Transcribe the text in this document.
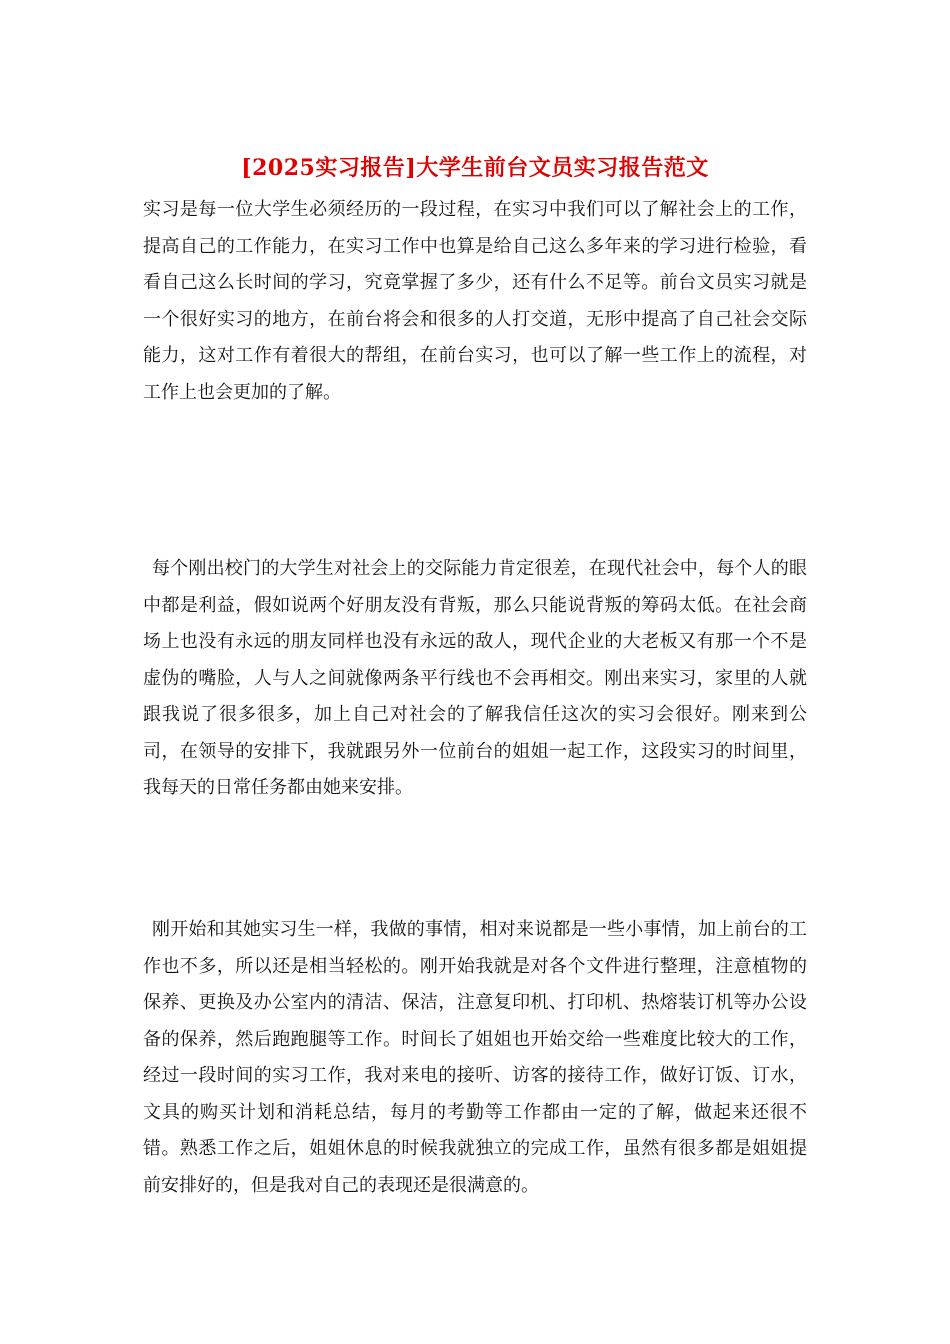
[2025实习报告]大学生前台文员实习报告范文

实习是每一位大学生必须经历的一段过程，在实习中我们可以了解社会上的工作，提高自己的工作能力，在实习工作中也算是给自己这么多年来的学习进行检验，看看自己这么长时间的学习，究竟掌握了多少，还有什么不足等。前台文员实习就是一个很好实习的地方，在前台将会和很多的人打交道，无形中提高了自己社会交际能力，这对工作有着很大的帮组，在前台实习，也可以了解一些工作上的流程，对工作上也会更加的了解。

每个刚出校门的大学生对社会上的交际能力肯定很差，在现代社会中，每个人的眼中都是利益，假如说两个好朋友没有背叛，那么只能说背叛的筹码太低。在社会商场上也没有永远的朋友同样也没有永远的敌人，现代企业的大老板又有那一个不是虚伪的嘴脸，人与人之间就像两条平行线也不会再相交。刚出来实习，家里的人就跟我说了很多很多，加上自己对社会的了解我信任这次的实习会很好。刚来到公司，在领导的安排下，我就跟另外一位前台的姐姐一起工作，这段实习的时间里，我每天的日常任务都由她来安排。

刚开始和其她实习生一样，我做的事情，相对来说都是一些小事情，加上前台的工作也不多，所以还是相当轻松的。刚开始我就是对各个文件进行整理，注意植物的保养、更换及办公室内的清洁、保洁，注意复印机、打印机、热熔装订机等办公设备的保养，然后跑跑腿等工作。时间长了姐姐也开始交给一些难度比较大的工作，经过一段时间的实习工作，我对来电的接听、访客的接待工作，做好订饭、订水，文具的购买计划和消耗总结，每月的考勤等工作都由一定的了解，做起来还很不错。熟悉工作之后，姐姐休息的时候我就独立的完成工作，虽然有很多都是姐姐提前安排好的，但是我对自己的表现还是很满意的。
